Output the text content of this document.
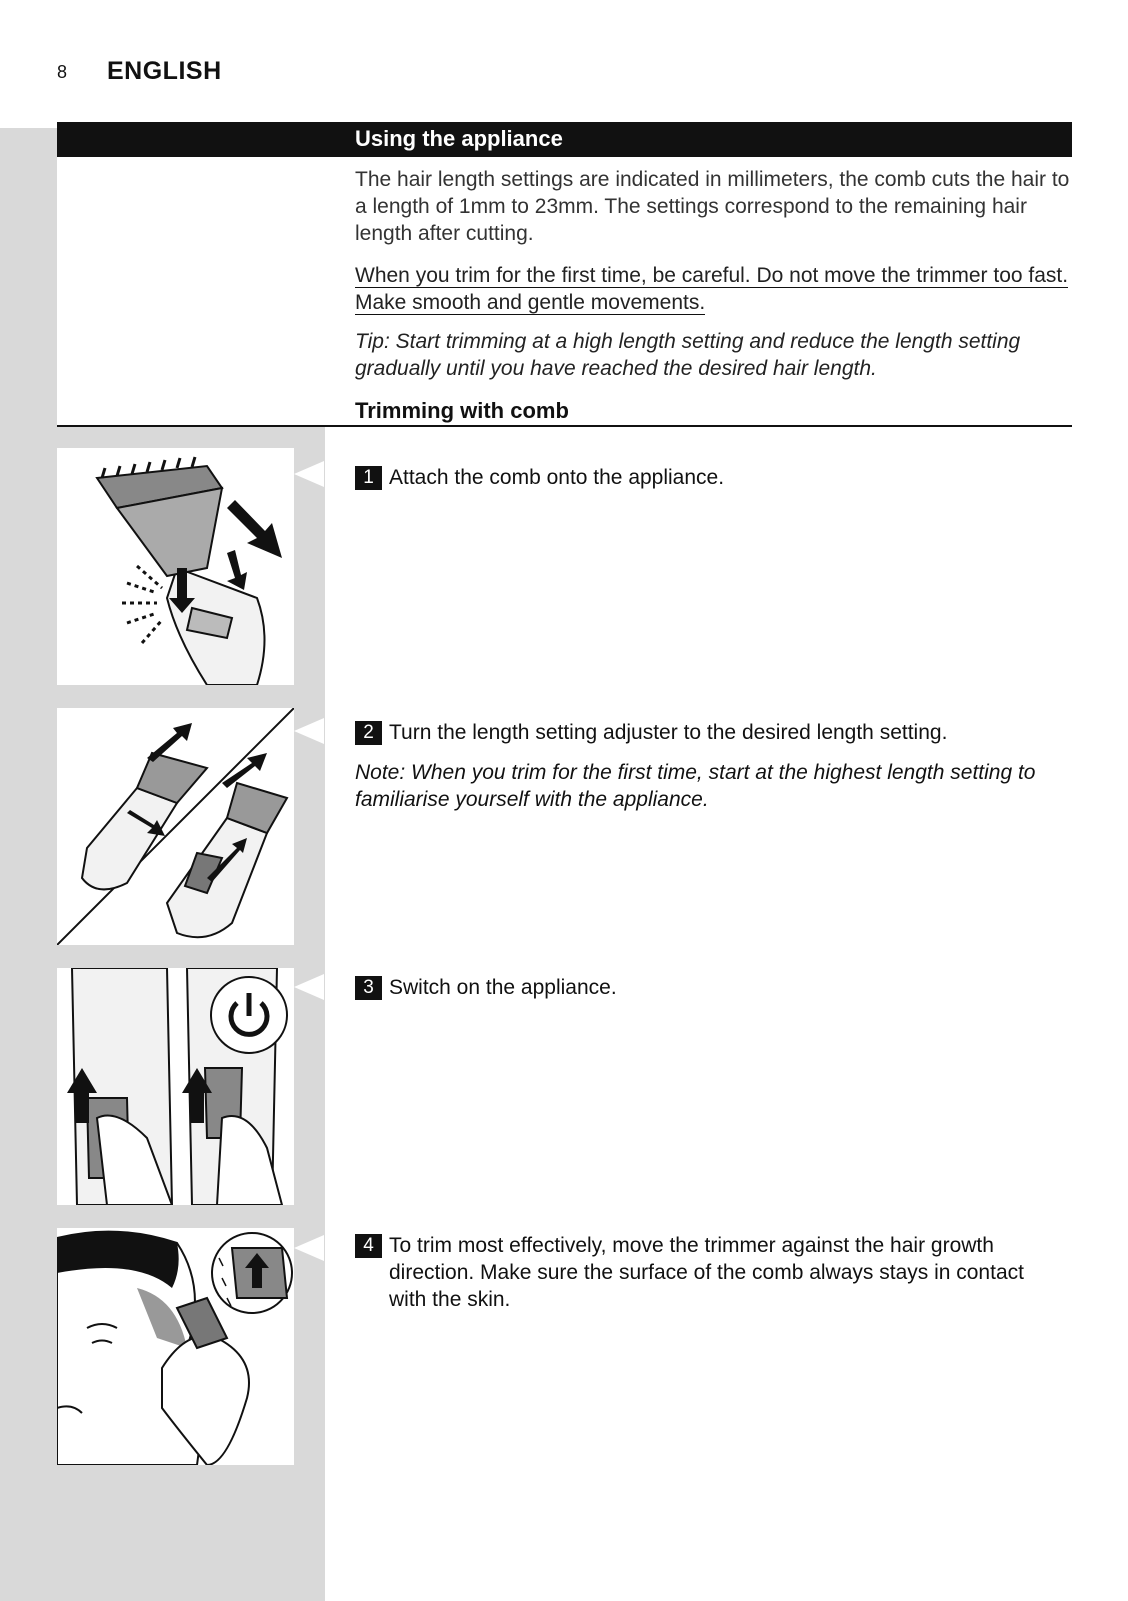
8 ENGLISH
Using the appliance
The hair length settings are indicated in millimeters, the comb cuts the hair to a length of 1mm to 23mm. The settings correspond to the remaining hair length after cutting.
When you trim for the first time, be careful. Do not move the trimmer too fast. Make smooth and gentle movements.
Tip: Start trimming at a high length setting and reduce the length setting gradually until you have reached the desired hair length.
Trimming with comb
1 Attach the comb onto the appliance.
2 Turn the length setting adjuster to the desired length setting.
Note: When you trim for the first time, start at the highest length setting to familiarise yourself with the appliance.
3 Switch on the appliance.
4 To trim most effectively, move the trimmer against the hair growth direction. Make sure the surface of the comb always stays in contact with the skin.
